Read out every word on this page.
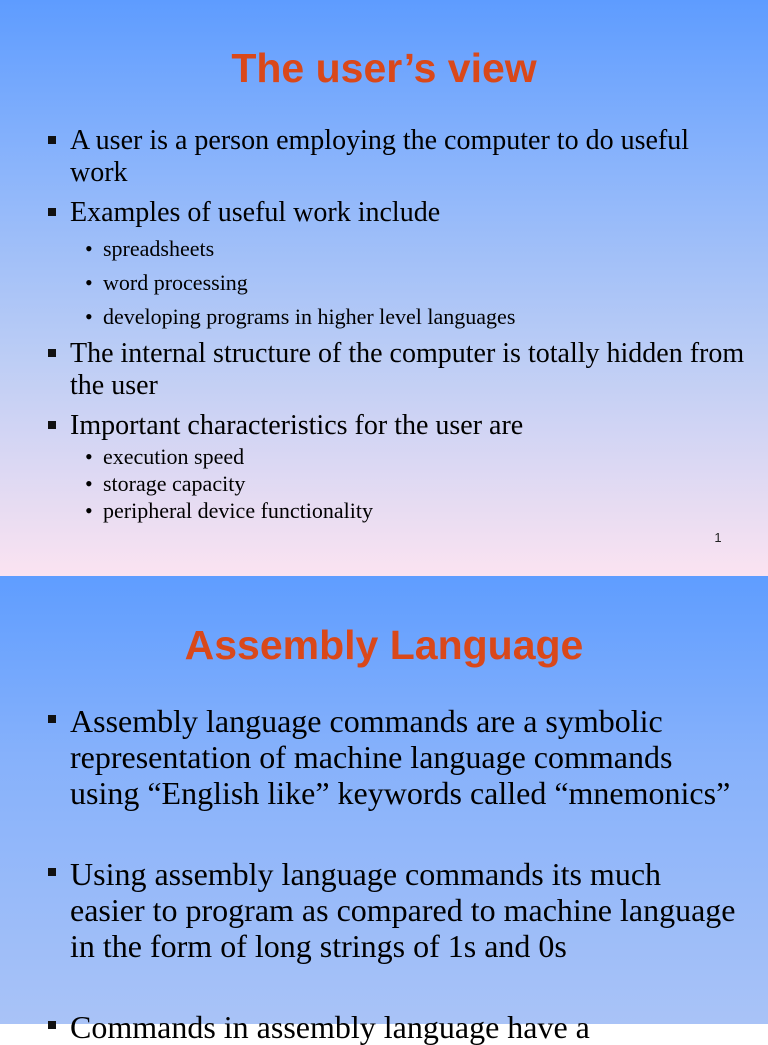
The user’s view
A user is a person employing the computer to do useful work
Examples of useful work include
• spreadsheets
• word processing
• developing programs in higher level languages
The internal structure of the computer is totally hidden from the user
Important characteristics for the user are
• execution speed
• storage capacity
• peripheral device functionality
1
Assembly Language
Assembly language commands are a symbolic representation of machine language commands using “English like” keywords called “mnemonics”
Using assembly language commands its much easier to program as compared to machine language in the form of long strings of 1s and 0s
Commands in assembly language have a
